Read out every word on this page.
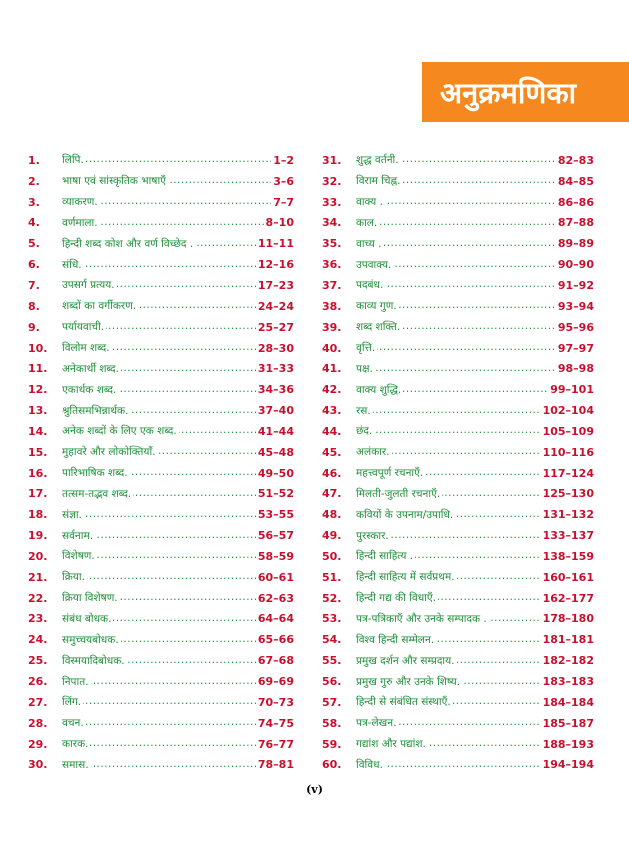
अनुक्रमणिका
1.	लिपि. .....	1–2
2.	भाषा एवं सांस्कृतिक भाषाएँ .....	3–6
3.	व्याकरण. .....	7–7
4.	वर्णमाला. .....	8–10
5.	हिन्दी शब्द कोश और वर्ण विच्छेद . .....	11–11
6.	संधि. .....	12–16
7.	उपसर्ग प्रत्यय. .....	17–23
8.	शब्दों का वर्गीकरण. .....	24–24
9.	पर्यायवाची. .....	25–27
10.	विलोम शब्द. .....	28–30
11.	अनेकार्थी शब्द. .....	31–33
12.	एकार्थक शब्द. .....	34–36
13.	श्रुतिसमभिन्नार्थक. .....	37–40
14.	अनेक शब्दों के लिए एक शब्द. .....	41–44
15.	मुहावरे और लोकोक्तियाँ. .....	45–48
16.	पारिभाषिक शब्द. .....	49–50
17.	तत्सम-तद्भव शब्द. .....	51–52
18.	संज्ञा. .....	53–55
19.	सर्वनाम. .....	56–57
20.	विशेषण. .....	58–59
21.	क्रिया. .....	60–61
22.	क्रिया विशेषण. .....	62–63
23.	संबंध बोधक. .....	64–64
24.	समुच्चयबोधक. .....	65–66
25.	विस्मयादिबोधक. .....	67–68
26.	निपात. .....	69–69
27.	लिंग. .....	70–73
28.	वचन. .....	74–75
29.	कारक. .....	76–77
30.	समास. .....	78–81
31.	शुद्ध वर्तनी. .....	82–83
32.	विराम चिह्न. .....	84–85
33.	वाक्य . .....	86–86
34.	काल. .....	87–88
35.	वाच्य . .....	89–89
36.	उपवाक्य. .....	90–90
37.	पदबंध. .....	91–92
38.	काव्य गुण. .....	93–94
39.	शब्द शक्ति. .....	95–96
40.	वृत्ति. .....	97–97
41.	पक्ष. .....	98–98
42.	वाक्य शुद्धि. .....	99–101
43.	रस. .....	102–104
44.	छंद. .....	105–109
45.	अलंकार. .....	110–116
46.	महत्त्वपूर्ण रचनाएँ. .....	117–124
47.	मिलती-जुलती रचनाएँ. .....	125–130
48.	कवियों के उपनाम/उपाधि. .....	131–132
49.	पुरस्कार. .....	133–137
50.	हिन्दी साहित्य . .....	138–159
51.	हिन्दी साहित्य में सर्वप्रथम. .....	160–161
52.	हिन्दी गद्य की विधाएँ. .....	162–177
53.	पत्र-पत्रिकाएँ और उनके सम्पादक . .....	178–180
54.	विश्व हिन्दी सम्मेलन. .....	181–181
55.	प्रमुख दर्शन और सम्प्रदाय. .....	182–182
56.	प्रमुख गुरु और उनके शिष्य. .....	183–183
57.	हिन्दी से संबंधित संस्थाएँ. .....	184–184
58.	पत्र-लेखन. .....	185–187
59.	गद्यांश और पद्यांश. .....	188–193
60.	विविध. .....	194–194
(v)
